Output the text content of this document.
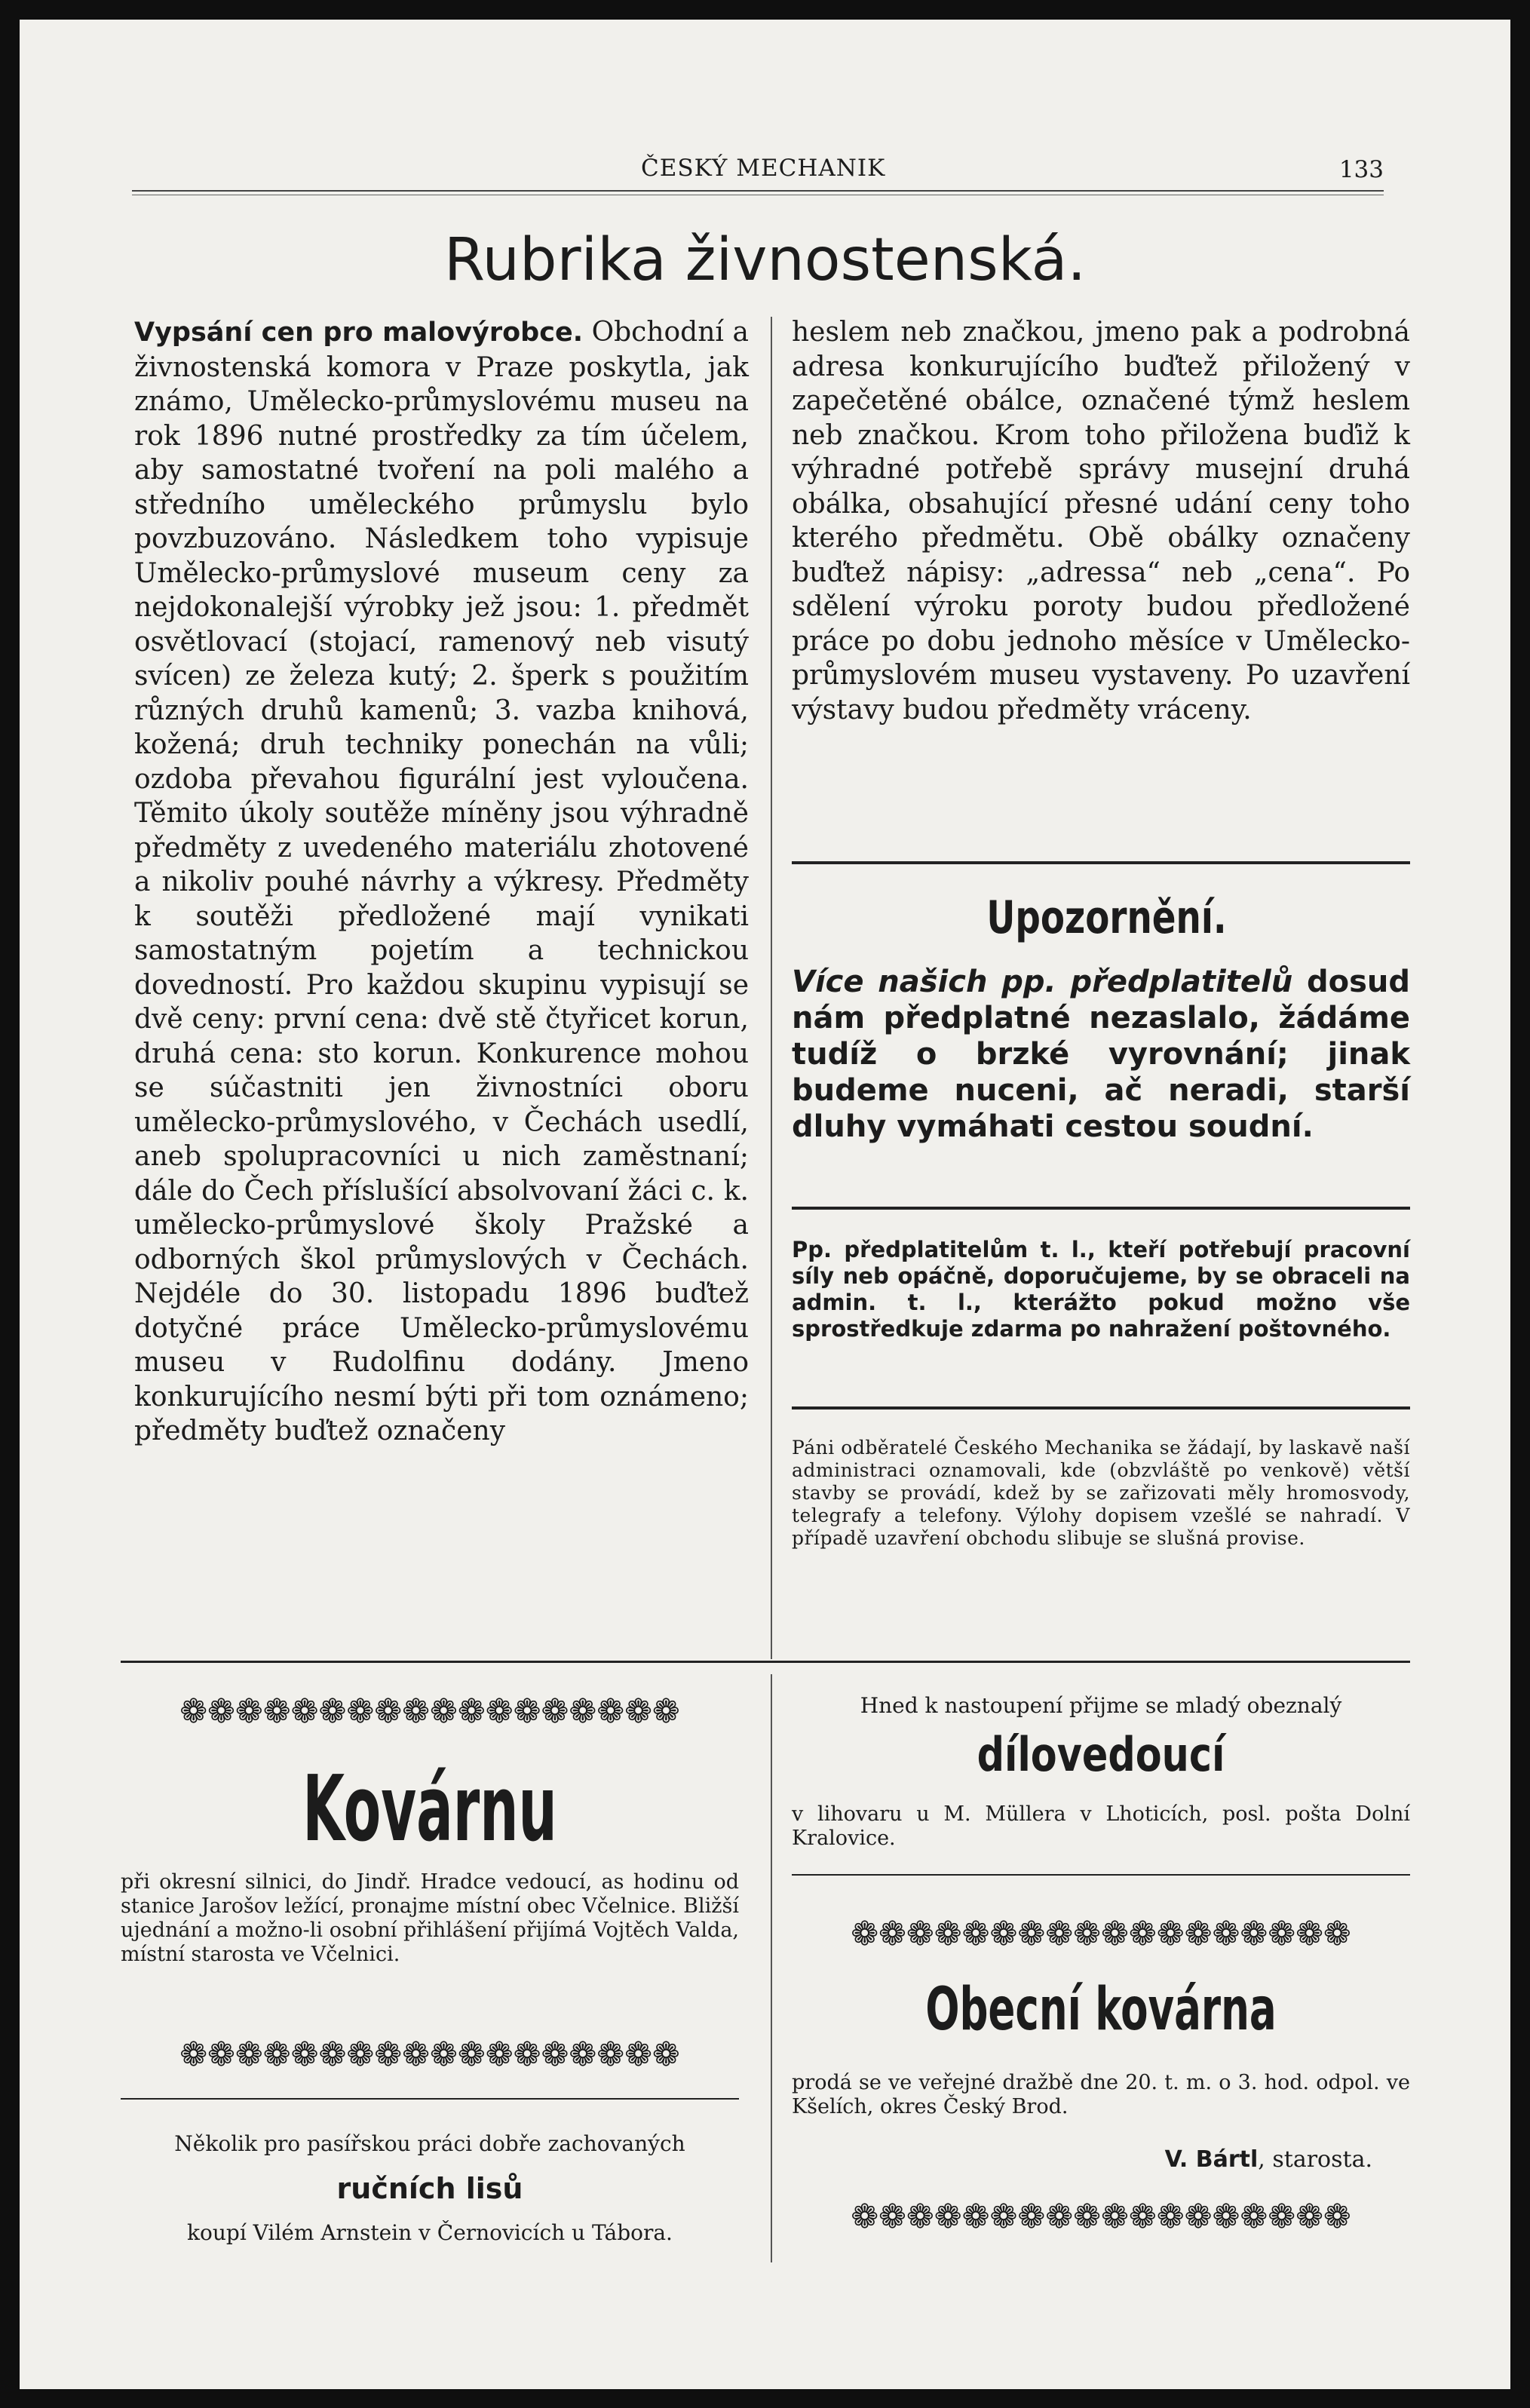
ČESKÝ MECHANIK	133
Rubrika živnostenská.
Vypsání cen pro malovýrobce. Obchodní a živnostenská komora v Praze poskytla, jak známo, Umělecko-průmyslovému museu na rok 1896 nutné prostředky za tím účelem, aby samostatné tvoření na poli malého a středního uměleckého průmyslu bylo povzbuzováno. Následkem toho vypisuje Umělecko-průmyslové museum ceny za nejdokonalejší výrobky jež jsou: 1. předmět osvětlovací (stojací, ramenový neb visutý svícen) ze železa kutý; 2. šperk s použitím různých druhů kamenů; 3. vazba knihová, kožená; druh techniky ponechán na vůli; ozdoba převahou figurální jest vyloučena. Těmito úkoly soutěže míněny jsou výhradně předměty z uvedeného materiálu zhotovené a nikoliv pouhé návrhy a výkresy. Předměty k soutěži předložené mají vynikati samostatným pojetím a technickou dovedností. Pro každou skupinu vypisují se dvě ceny: první cena: dvě stě čtyřicet korun, druhá cena: sto korun. Konkurence mohou se súčastniti jen živnostníci oboru umělecko-průmyslového, v Čechách usedlí, aneb spolupracovníci u nich zaměstnaní; dále do Čech příslušící absolvovaní žáci c. k. umělecko-průmyslové školy Pražské a odborných škol průmyslových v Čechách. Nejdéle do 30. listopadu 1896 buďtež dotyčné práce Umělecko-průmyslovému museu v Rudolfinu dodány. Jmeno konkurujícího nesmí býti při tom oznámeno; předměty buďtež označeny
heslem neb značkou, jmeno pak a podrobná adresa konkurujícího buďtež přiložený v zapečetěné obálce, označené týmž heslem neb značkou. Krom toho přiložena buďiž k výhradné potřebě správy musejní druhá obálka, obsahující přesné udání ceny toho kterého předmětu. Obě obálky označeny buďtež nápisy: „adressa“ neb „cena“. Po sdělení výroku poroty budou předložené práce po dobu jednoho měsíce v Umělecko-průmyslovém museu vystaveny. Po uzavření výstavy budou předměty vráceny.
Upozornění.
Více našich pp. předplatitelů dosud nám předplatné nezaslalo, žádáme tudíž o brzké vyrovnání; jinak budeme nuceni, ač neradi, starší dluhy vymáhati cestou soudní.
Pp. předplatitelům t. l., kteří potřebují pracovní síly neb opáčně, doporučujeme, by se obraceli na admin. t. l., kterážto pokud možno vše sprostředkuje zdarma po nahražení poštovného.
Páni odběratelé Českého Mechanika se žádají, by laskavě naší administraci oznamovali, kde (obzvláště po venkově) větší stavby se provádí, kdež by se zařizovati měly hromosvody, telegrafy a telefony. Výlohy dopisem vzešlé se nahradí. V případě uzavření obchodu slibuje se slušná provise.
❁❁❁❁❁❁❁❁❁❁❁❁❁❁❁❁❁❁
Kovárnu
při okresní silnici, do Jindř. Hradce vedoucí, as hodinu od stanice Jarošov ležící, pronajme místní obec Včelnice. Bližší ujednání a možno-li osobní přihlášení přijímá Vojtěch Valda, místní starosta ve Včelnici.
❁❁❁❁❁❁❁❁❁❁❁❁❁❁❁❁❁❁
Několik pro pasířskou práci dobře zachovaných
ručních lisů
koupí Vilém Arnstein v Černovicích u Tábora.
Hned k nastoupení přijme se mladý obeznalý
dílovedoucí
v lihovaru u M. Müllera v Lhoticích, posl. pošta Dolní Kralovice.
❁❁❁❁❁❁❁❁❁❁❁❁❁❁❁❁❁❁
Obecní kovárna
prodá se ve veřejné dražbě dne 20. t. m. o 3. hod. odpol. ve Kšelích, okres Český Brod.
V. Bártl, starosta.
❁❁❁❁❁❁❁❁❁❁❁❁❁❁❁❁❁❁
